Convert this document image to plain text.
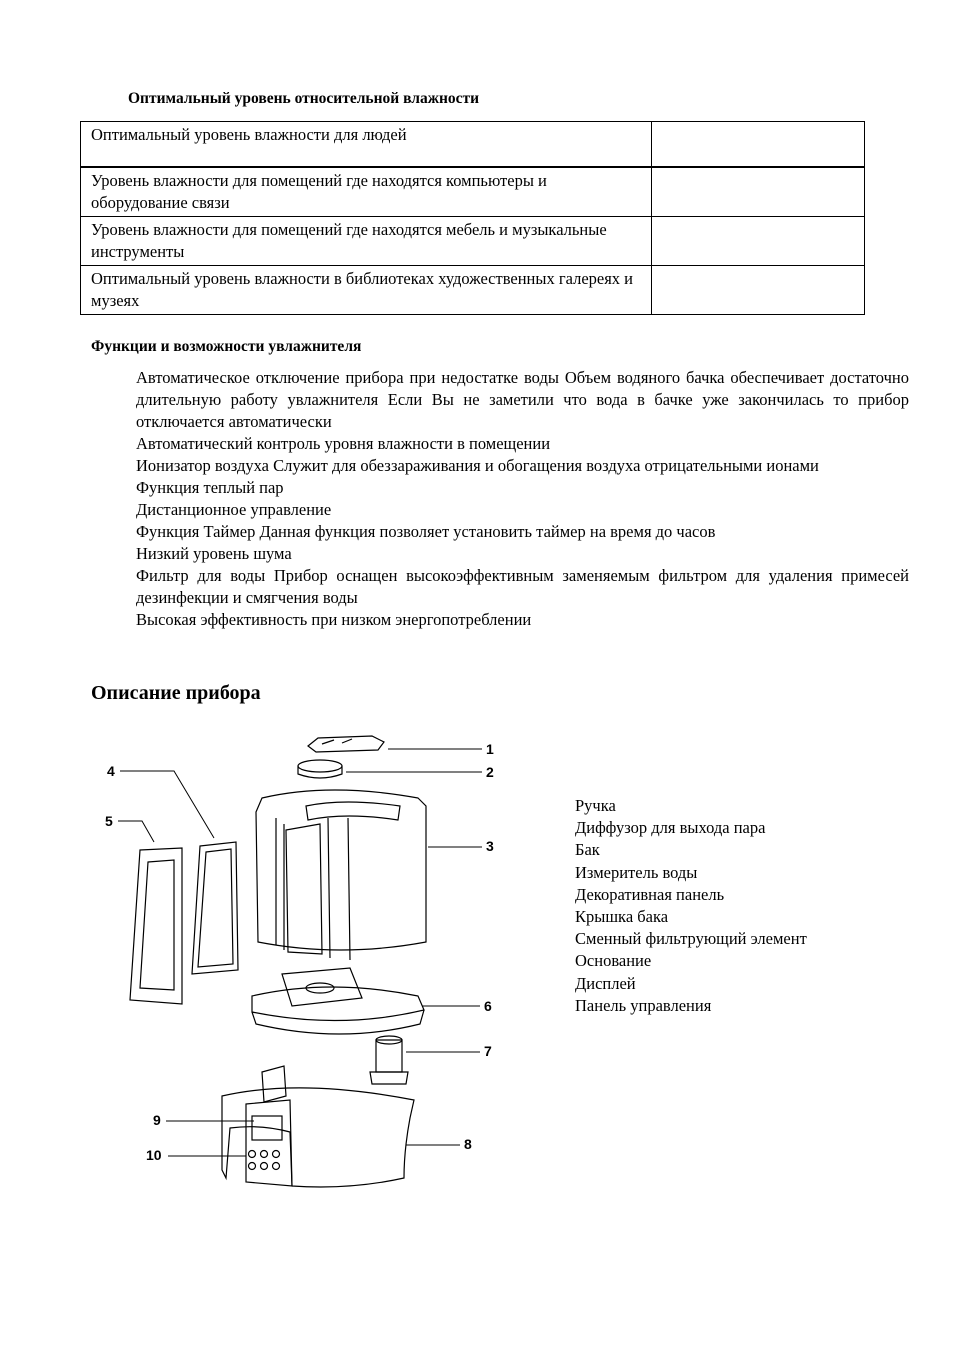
Оптимальный уровень относительной влажности
Оптимальный уровень влажности для людей	
Уровень влажности для помещений где находятся компьютеры и оборудование связи	
Уровень влажности для помещений где находятся мебель и музыкальные инструменты	
Оптимальный уровень влажности в библиотеках художественных галереях и музеях	
Функции и возможности увлажнителя

Автоматическое отключение прибора при недостатке воды Объем водяного бачка обеспечивает достаточно длительную работу увлажнителя Если Вы не заметили что вода в бачке уже закончилась то прибор отключается автоматически

Автоматический контроль уровня влажности в помещении

Ионизатор воздуха Служит для обеззараживания и обогащения воздуха отрицательными ионами

Функция теплый пар

Дистанционное управление

Функция Таймер Данная функция позволяет установить таймер на время до часов

Низкий уровень шума

Фильтр для воды Прибор оснащен высокоэффективным заменяемым фильтром для удаления примесей дезинфекции и смягчения воды

Высокая эффективность при низком энергопотреблении

Описание прибора
1
2
3
4
5
6
7
8
9
10
Ручка
Диффузор для выхода пара
Бак
Измеритель воды
Декоративная панель
Крышка бака
Сменный фильтрующий элемент
Основание
Дисплей
Панель управления
